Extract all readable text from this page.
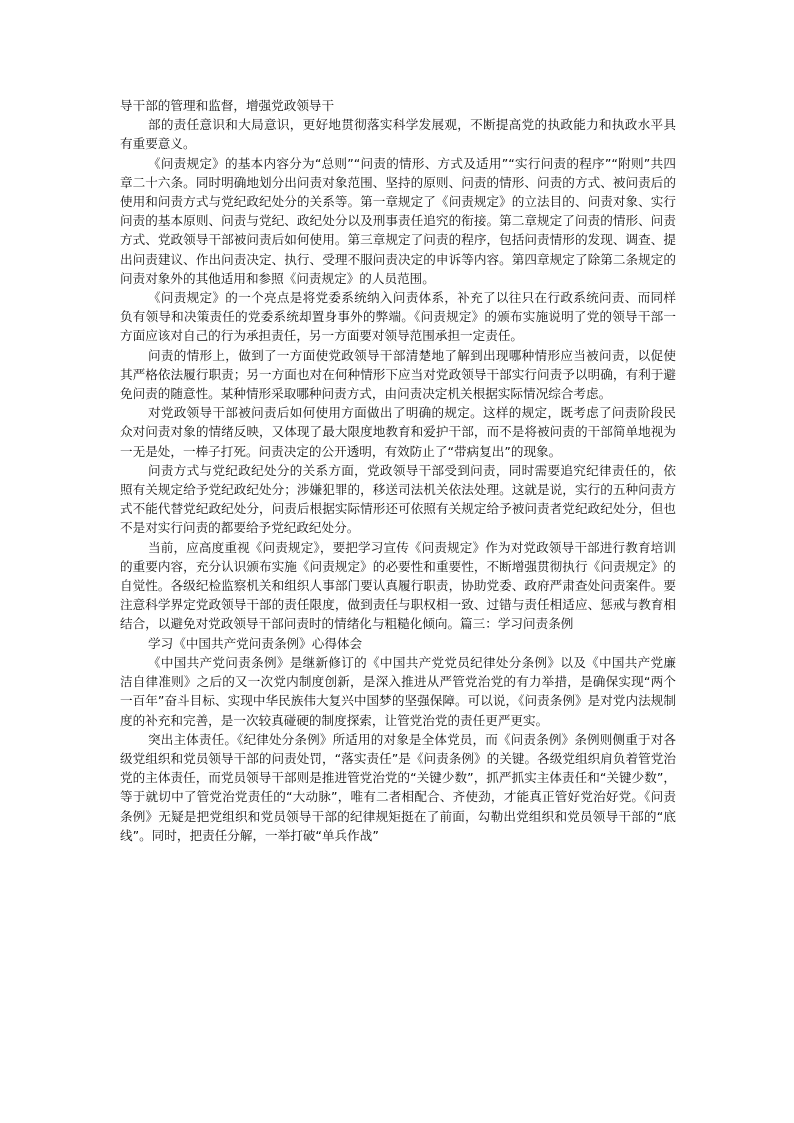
导干部的管理和监督，增强党政领导干

部的责任意识和大局意识，更好地贯彻落实科学发展观，不断提高党的执政能力和执政水平具有重要意义。

《问责规定》的基本内容分为“总则”“问责的情形、方式及适用”“实行问责的程序”“附则”共四章二十六条。同时明确地划分出问责对象范围、坚持的原则、问责的情形、问责的方式、被问责后的使用和问责方式与党纪政纪处分的关系等。第一章规定了《问责规定》的立法目的、问责对象、实行问责的基本原则、问责与党纪、政纪处分以及刑事责任追究的衔接。第二章规定了问责的情形、问责方式、党政领导干部被问责后如何使用。第三章规定了问责的程序，包括问责情形的发现、调查、提出问责建议、作出问责决定、执行、受理不服问责决定的申诉等内容。第四章规定了除第二条规定的问责对象外的其他适用和参照《问责规定》的人员范围。

《问责规定》的一个亮点是将党委系统纳入问责体系，补充了以往只在行政系统问责、而同样负有领导和决策责任的党委系统却置身事外的弊端。《问责规定》的颁布实施说明了党的领导干部一方面应该对自己的行为承担责任，另一方面要对领导范围承担一定责任。

问责的情形上，做到了一方面使党政领导干部清楚地了解到出现哪种情形应当被问责，以促使其严格依法履行职责；另一方面也对在何种情形下应当对党政领导干部实行问责予以明确，有利于避免问责的随意性。某种情形采取哪种问责方式，由问责决定机关根据实际情况综合考虑。

对党政领导干部被问责后如何使用方面做出了明确的规定。这样的规定，既考虑了问责阶段民众对问责对象的情绪反映，又体现了最大限度地教育和爱护干部，而不是将被问责的干部简单地视为一无是处，一棒子打死。问责决定的公开透明，有效防止了“带病复出”的现象。

问责方式与党纪政纪处分的关系方面，党政领导干部受到问责，同时需要追究纪律责任的，依照有关规定给予党纪政纪处分；涉嫌犯罪的，移送司法机关依法处理。这就是说，实行的五种问责方式不能代替党纪政纪处分，问责后根据实际情形还可依照有关规定给予被问责者党纪政纪处分，但也不是对实行问责的都要给予党纪政纪处分。

当前，应高度重视《问责规定》，要把学习宣传《问责规定》作为对党政领导干部进行教育培训的重要内容，充分认识颁布实施《问责规定》的必要性和重要性，不断增强贯彻执行《问责规定》的自觉性。各级纪检监察机关和组织人事部门要认真履行职责，协助党委、政府严肃查处问责案件。要注意科学界定党政领导干部的责任限度，做到责任与职权相一致、过错与责任相适应、惩戒与教育相结合，以避免对党政领导干部问责时的情绪化与粗糙化倾向。篇三：学习问责条例

学习《中国共产党问责条例》心得体会

《中国共产党问责条例》是继新修订的《中国共产党党员纪律处分条例》以及《中国共产党廉洁自律准则》之后的又一次党内制度创新，是深入推进从严管党治党的有力举措，是确保实现“两个一百年”奋斗目标、实现中华民族伟大复兴中国梦的坚强保障。可以说，《问责条例》是对党内法规制度的补充和完善，是一次较真碰硬的制度探索，让管党治党的责任更严更实。

突出主体责任。《纪律处分条例》所适用的对象是全体党员，而《问责条例》条例则侧重于对各级党组织和党员领导干部的问责处罚，“落实责任”是《问责条例》的关键。各级党组织肩负着管党治党的主体责任，而党员领导干部则是推进管党治党的“关键少数”，抓严抓实主体责任和“关键少数”，等于就切中了管党治党责任的“大动脉”，唯有二者相配合、齐使劲，才能真正管好党治好党。《问责条例》无疑是把党组织和党员领导干部的纪律规矩挺在了前面，勾勒出党组织和党员领导干部的“底线”。同时，把责任分解，一举打破“单兵作战”
